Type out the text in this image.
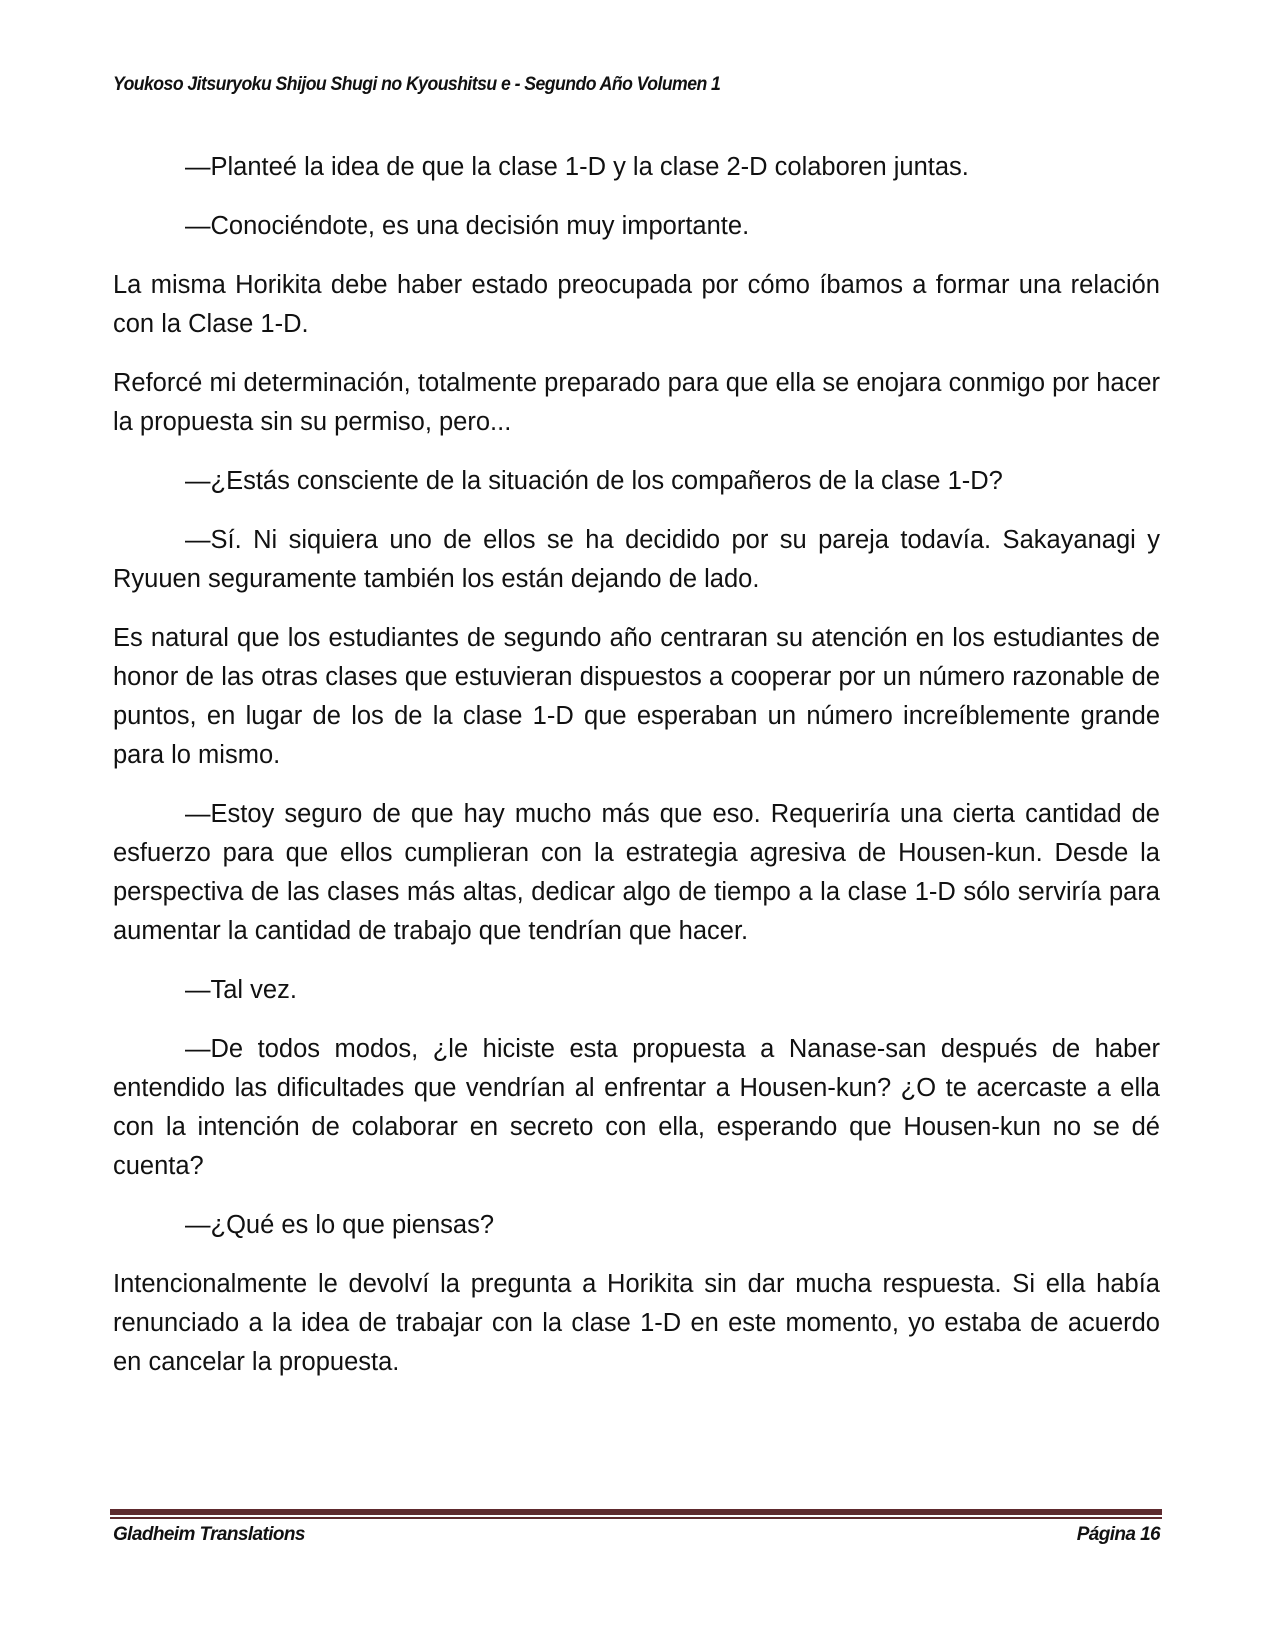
Youkoso Jitsuryoku Shijou Shugi no Kyoushitsu e - Segundo Año Volumen 1

—Planteé la idea de que la clase 1-D y la clase 2-D colaboren juntas.

—Conociéndote, es una decisión muy importante.

La misma Horikita debe haber estado preocupada por cómo íbamos a formar una relación con la Clase 1-D.

Reforcé mi determinación, totalmente preparado para que ella se enojara conmigo por hacer la propuesta sin su permiso, pero...

—¿Estás consciente de la situación de los compañeros de la clase 1-D?

—Sí. Ni siquiera uno de ellos se ha decidido por su pareja todavía. Sakayanagi y Ryuuen seguramente también los están dejando de lado.

Es natural que los estudiantes de segundo año centraran su atención en los estudiantes de honor de las otras clases que estuvieran dispuestos a cooperar por un número razonable de puntos, en lugar de los de la clase 1-D que esperaban un número increíblemente grande para lo mismo.

—Estoy seguro de que hay mucho más que eso. Requeriría una cierta cantidad de esfuerzo para que ellos cumplieran con la estrategia agresiva de Housen-kun. Desde la perspectiva de las clases más altas, dedicar algo de tiempo a la clase 1-D sólo serviría para aumentar la cantidad de trabajo que tendrían que hacer.

—Tal vez.

—De todos modos, ¿le hiciste esta propuesta a Nanase-san después de haber entendido las dificultades que vendrían al enfrentar a Housen-kun? ¿O te acercaste a ella con la intención de colaborar en secreto con ella, esperando que Housen-kun no se dé cuenta?

—¿Qué es lo que piensas?

Intencionalmente le devolví la pregunta a Horikita sin dar mucha respuesta. Si ella había renunciado a la idea de trabajar con la clase 1-D en este momento, yo estaba de acuerdo en cancelar la propuesta.

Gladheim Translations	Página 16
